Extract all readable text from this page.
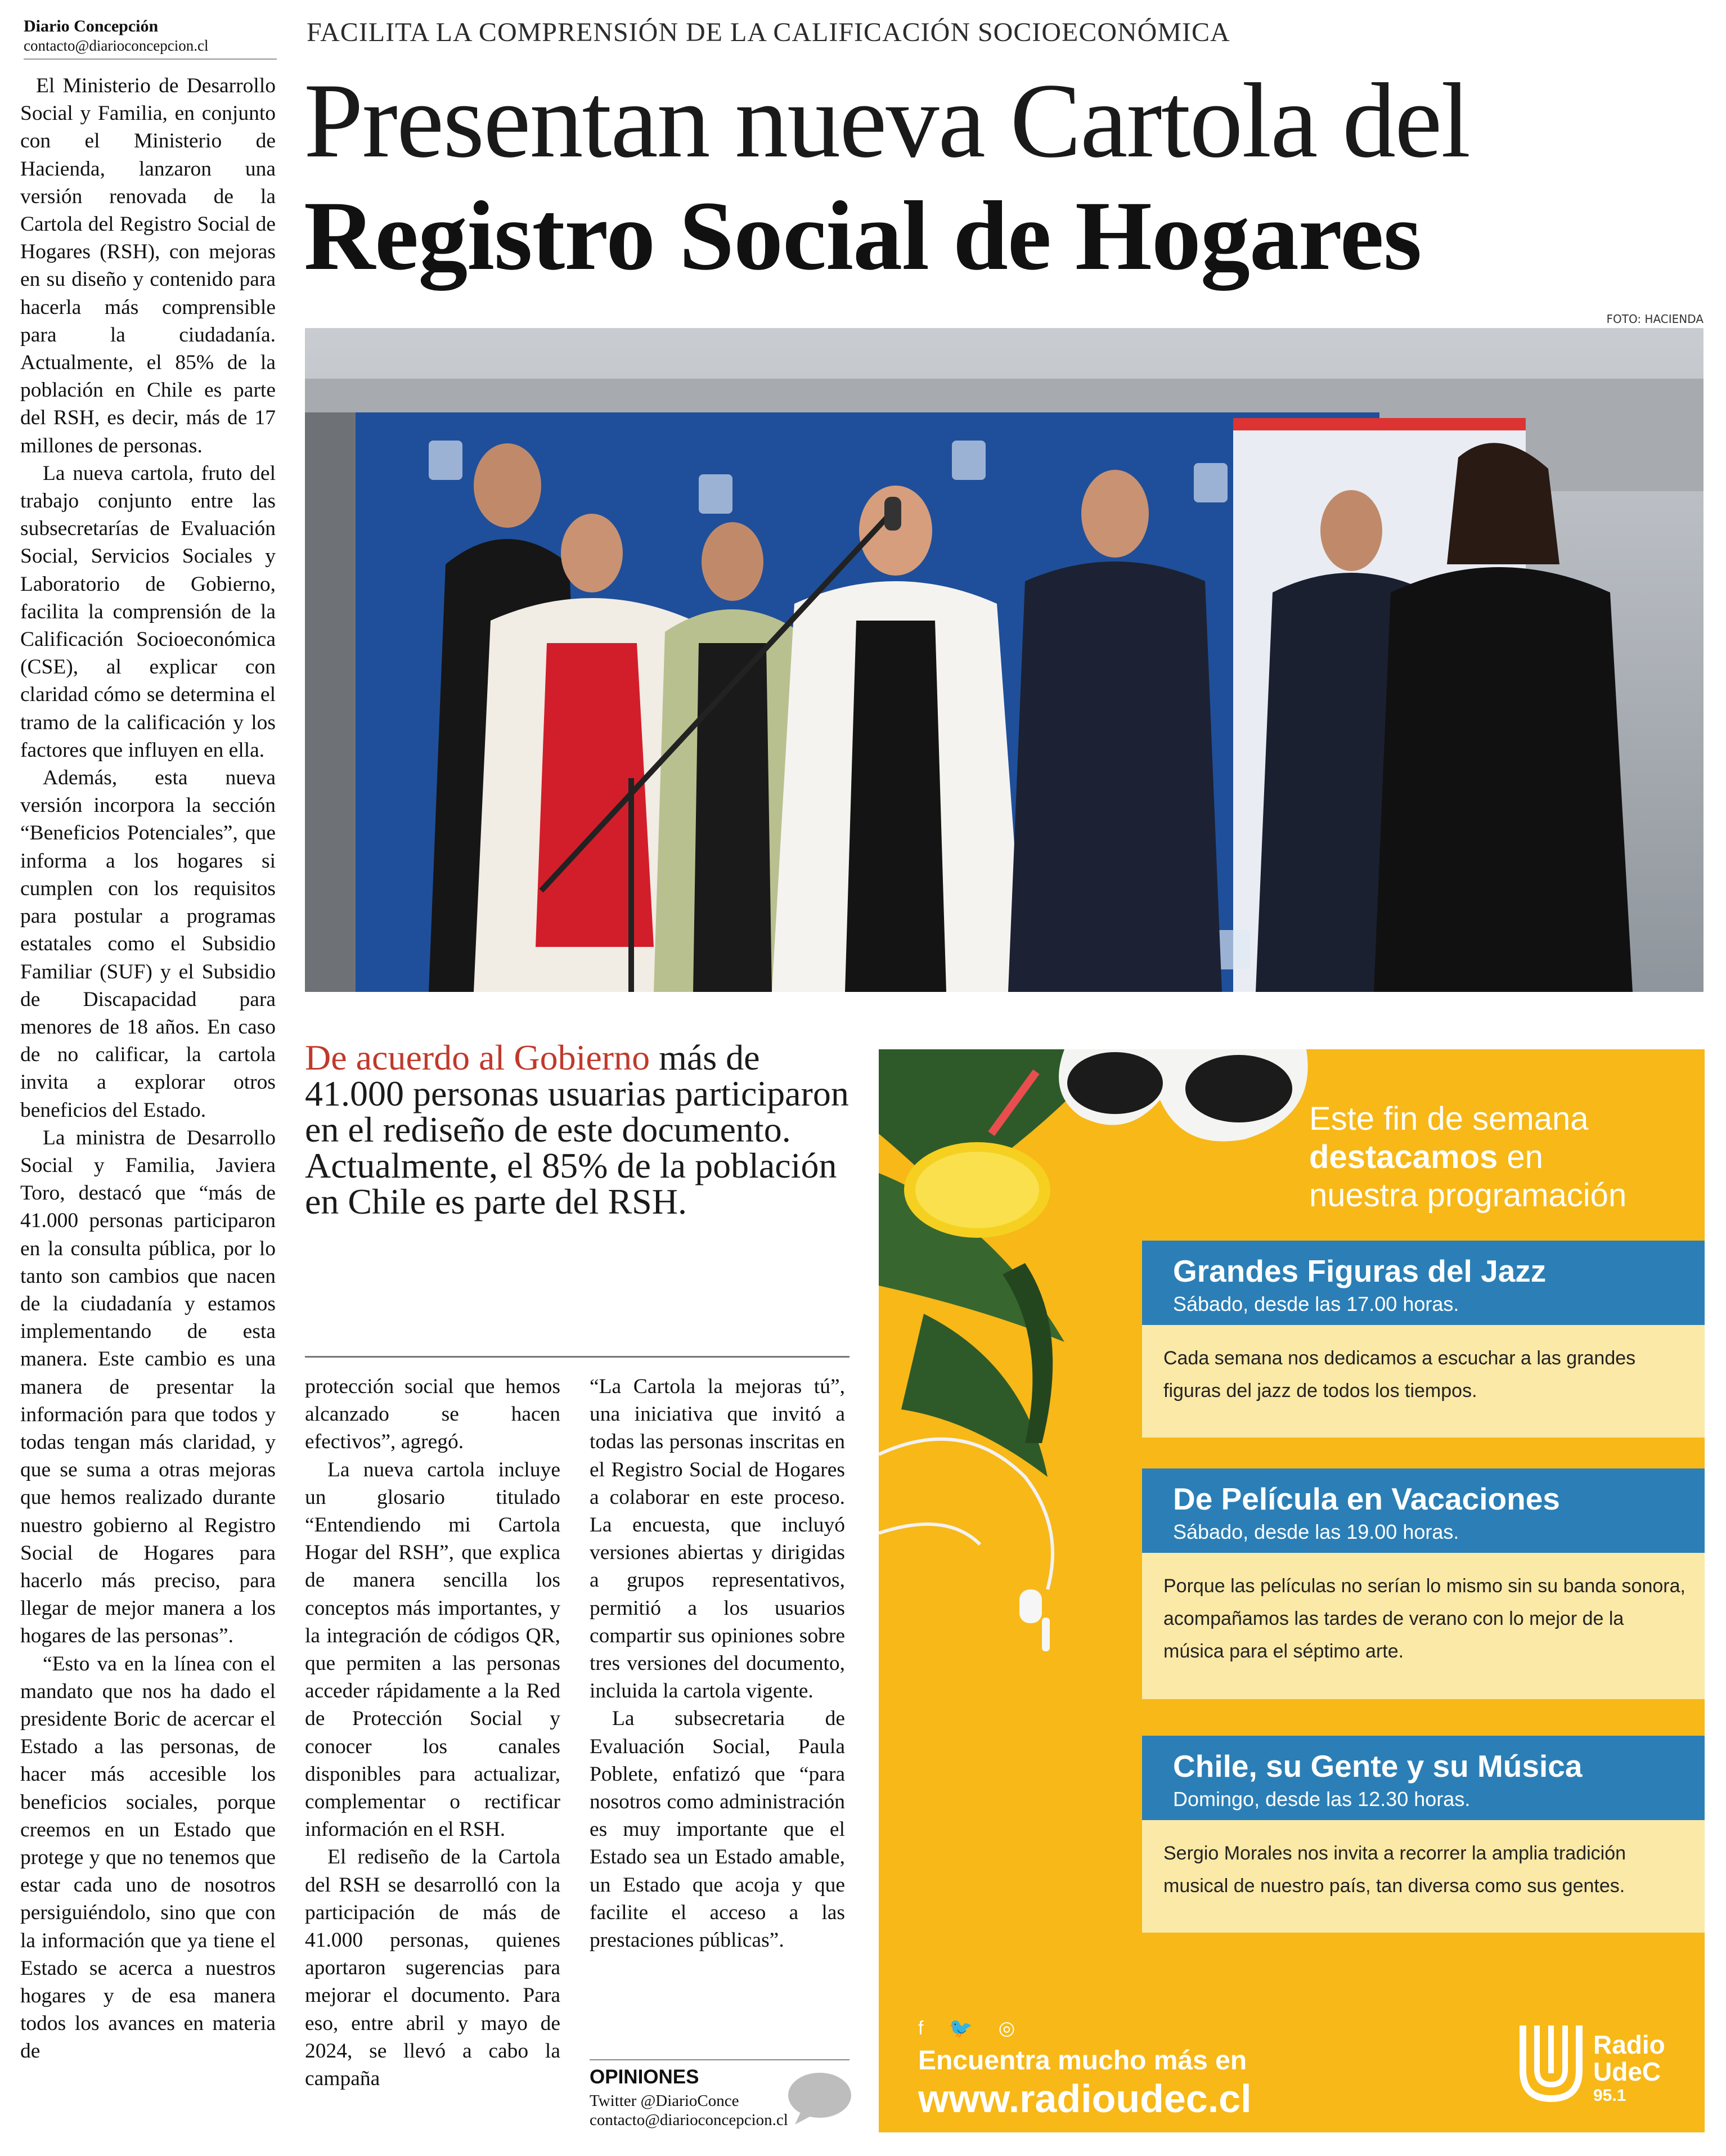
Diario Concepción
contacto@diarioconcepcion.cl

El Ministerio de Desarrollo Social y Familia, en conjunto con el Ministerio de Hacienda, lanzaron una versión renovada de la Cartola del Registro Social de Hogares (RSH), con mejoras en su diseño y contenido para hacerla más comprensible para la ciudadanía. Actualmente, el 85% de la población en Chile es parte del RSH, es decir, más de 17 millones de personas.

La nueva cartola, fruto del trabajo conjunto entre las subsecretarías de Evaluación Social, Servicios Sociales y Laboratorio de Gobierno, facilita la comprensión de la Calificación Socioeconómica (CSE), al explicar con claridad cómo se determina el tramo de la calificación y los factores que influyen en ella.

Además, esta nueva versión incorpora la sección “Beneficios Potenciales”, que informa a los hogares si cumplen con los requisitos para postular a programas estatales como el Subsidio Familiar (SUF) y el Subsidio de Discapacidad para menores de 18 años. En caso de no calificar, la cartola invita a explorar otros beneficios del Estado.

La ministra de Desarrollo Social y Familia, Javiera Toro, destacó que “más de 41.000 personas participaron en la consulta pública, por lo tanto son cambios que nacen de la ciudadanía y estamos implementando de esta manera. Este cambio es una manera de presentar la información para que todos y todas tengan más claridad, y que se suma a otras mejoras que hemos realizado durante nuestro gobierno al Registro Social de Hogares para hacerlo más preciso, para llegar de mejor manera a los hogares de las personas”.

“Esto va en la línea con el mandato que nos ha dado el presidente Boric de acercar el Estado a las personas, de hacer más accesible los beneficios sociales, porque creemos en un Estado que protege y que no tenemos que estar cada uno de nosotros persiguiéndolo, sino que con la información que ya tiene el Estado se acerca a nuestros hogares y de esa manera todos los avances en materia de

FACILITA LA COMPRENSIÓN DE LA CALIFICACIÓN SOCIOECONÓMICA
Presentan nueva Cartola del
Registro Social de Hogares
FOTO: HACIENDA
De acuerdo al Gobierno más de 41.000 personas usuarias participaron en el rediseño de este documento. Actualmente, el 85% de la población en Chile es parte del RSH.

protección social que hemos alcanzado se hacen efectivos”, agregó.

La nueva cartola incluye un glosario titulado “Entendiendo mi Cartola Hogar del RSH”, que explica de manera sencilla los conceptos más importantes, y la integración de códigos QR, que permiten a las personas acceder rápidamente a la Red de Protección Social y conocer los canales disponibles para actualizar, complementar o rectificar información en el RSH.

El rediseño de la Cartola del RSH se desarrolló con la participación de más de 41.000 personas, quienes aportaron sugerencias para mejorar el documento. Para eso, entre abril y mayo de 2024, se llevó a cabo la campaña

“La Cartola la mejoras tú”, una iniciativa que invitó a todas las personas inscritas en el Registro Social de Hogares a colaborar en este proceso. La encuesta, que incluyó versiones abiertas y dirigidas a grupos representativos, permitió a los usuarios compartir sus opiniones sobre tres versiones del documento, incluida la cartola vigente.

La subsecretaria de Evaluación Social, Paula Poblete, enfatizó que “para nosotros como administración es muy importante que el Estado sea un Estado amable, un Estado que acoja y que facilite el acceso a las prestaciones públicas”.

OPINIONES
Twitter @DiarioConce
contacto@diarioconcepcion.cl
Este fin de semana
destacamos en
nuestra programación
Grandes Figuras del Jazz
Sábado, desde las 17.00 horas.
Cada semana nos dedicamos a escuchar a las grandes figuras del jazz de todos los tiempos.
De Película en Vacaciones
Sábado, desde las 19.00 horas.
Porque las películas no serían lo mismo sin su banda sonora, acompañamos las tardes de verano con lo mejor de la música para el séptimo arte.
Chile, su Gente y su Música
Domingo, desde las 12.30 horas.
Sergio Morales nos invita a recorrer la amplia tradición musical de nuestro país, tan diversa como sus gentes.
f 🐦 ◎
Encuentra mucho más en
www.radioudec.cl
Radio
UdeC
95.1
